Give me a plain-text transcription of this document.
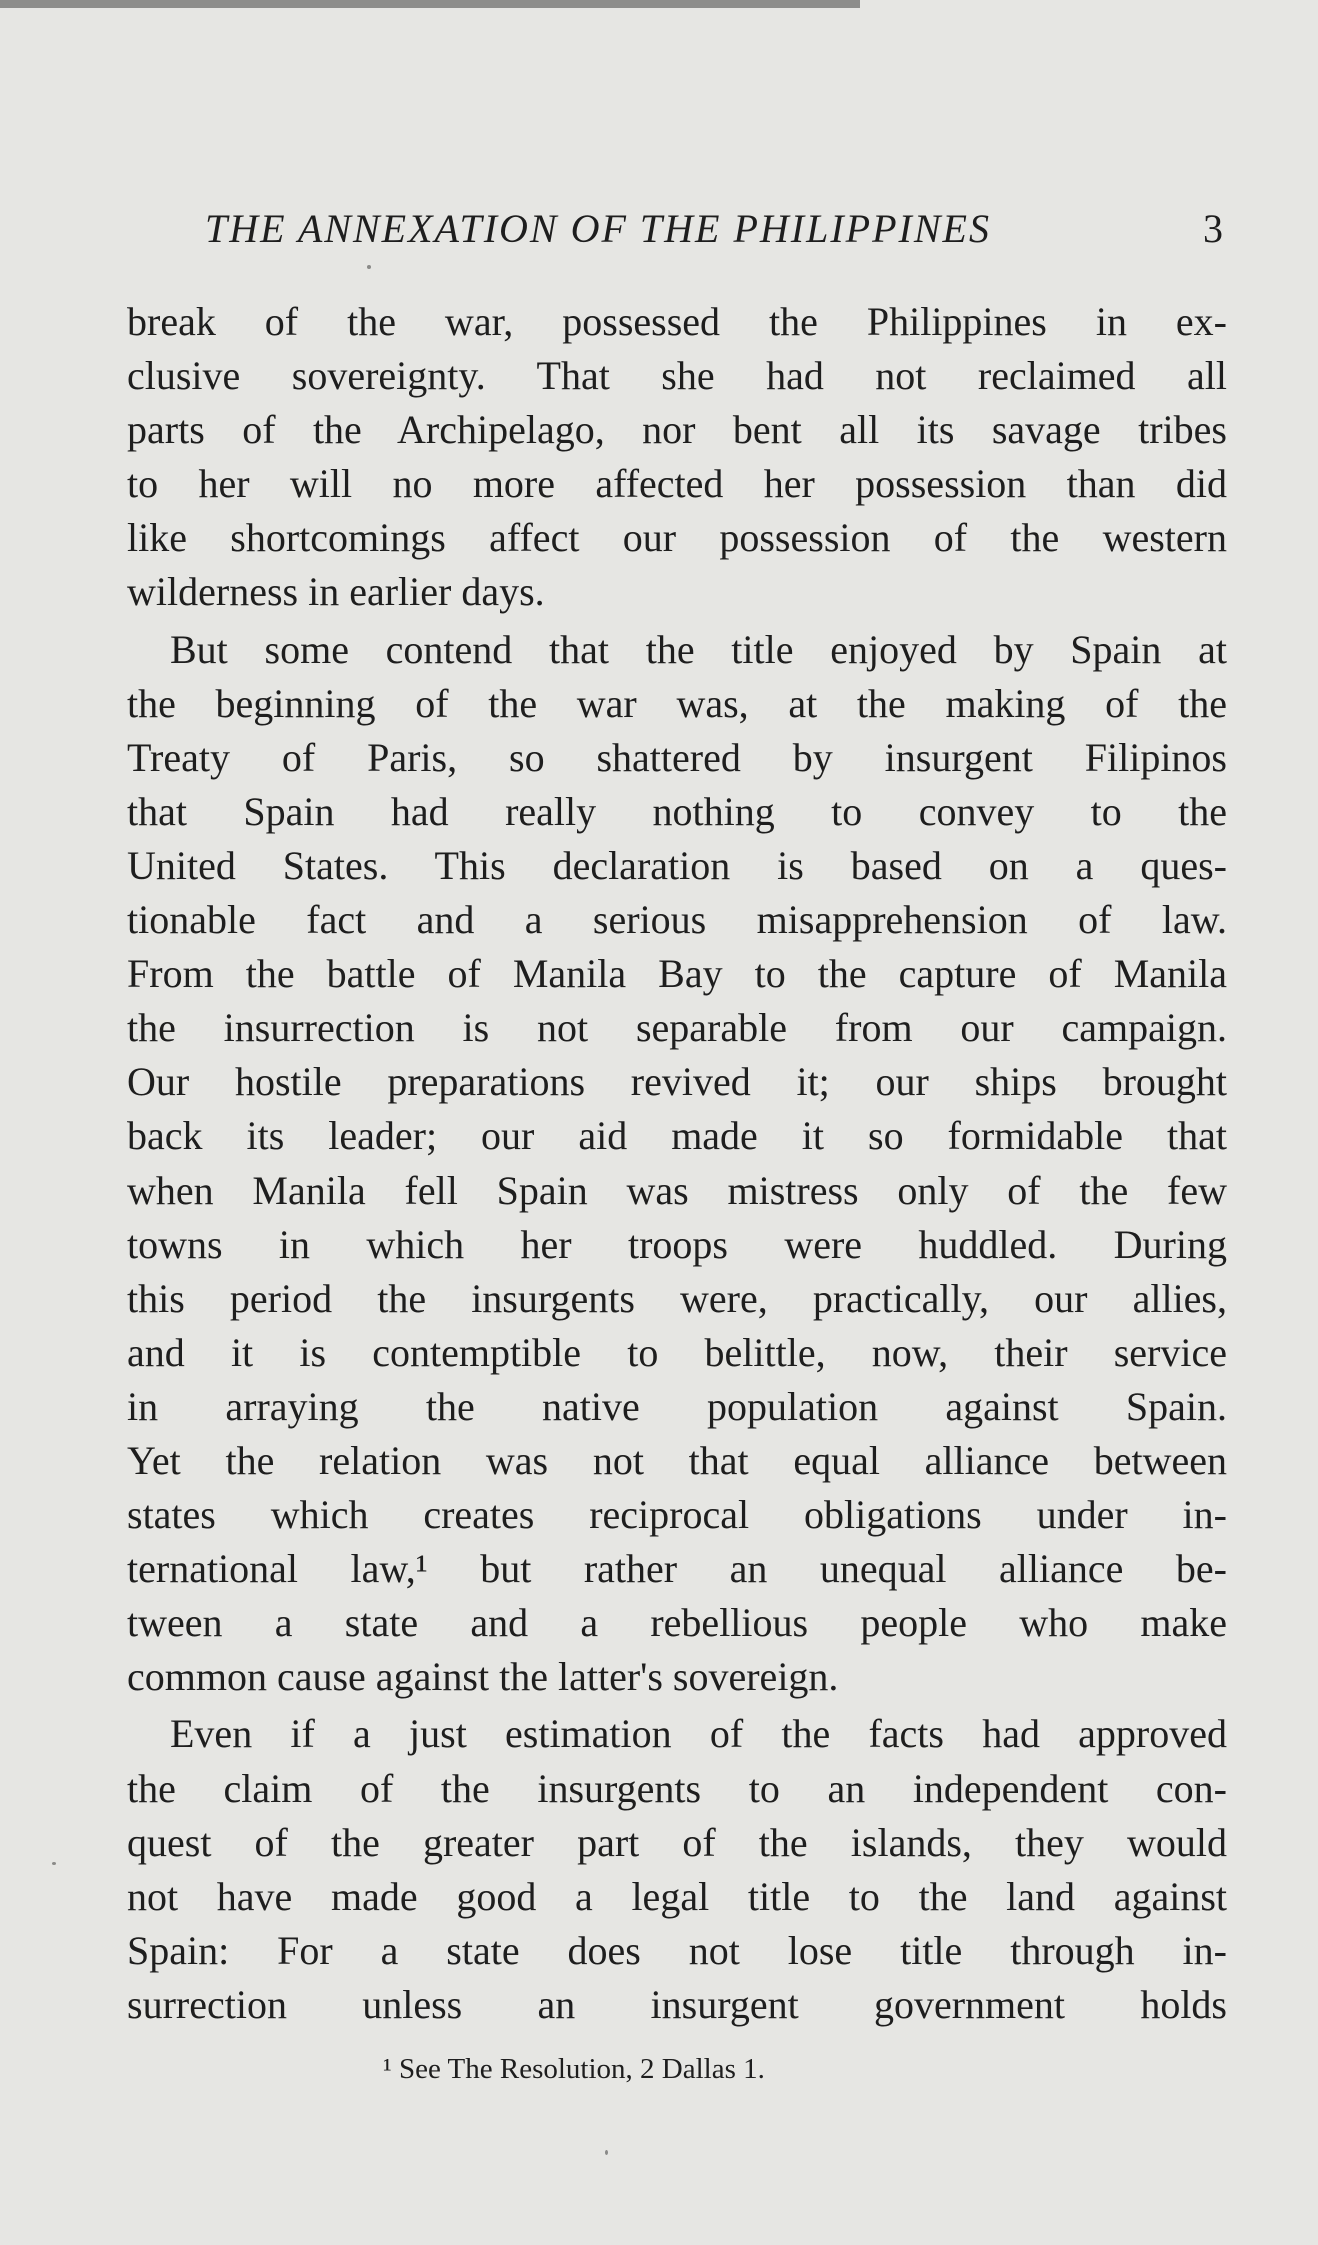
THE ANNEXATION OF THE PHILIPPINES	3
break of the war, possessed the Philippines in ex-
clusive sovereignty. That she had not reclaimed all
parts of the Archipelago, nor bent all its savage tribes
to her will no more affected her possession than did
like shortcomings affect our possession of the western
wilderness in earlier days.
But some contend that the title enjoyed by Spain at
the beginning of the war was, at the making of the
Treaty of Paris, so shattered by insurgent Filipinos
that Spain had really nothing to convey to the
United States. This declaration is based on a ques-
tionable fact and a serious misapprehension of law.
From the battle of Manila Bay to the capture of Manila
the insurrection is not separable from our campaign.
Our hostile preparations revived it; our ships brought
back its leader; our aid made it so formidable that
when Manila fell Spain was mistress only of the few
towns in which her troops were huddled. During
this period the insurgents were, practically, our allies,
and it is contemptible to belittle, now, their service
in arraying the native population against Spain.
Yet the relation was not that equal alliance between
states which creates reciprocal obligations under in-
ternational law,¹ but rather an unequal alliance be-
tween a state and a rebellious people who make
common cause against the latter's sovereign.
Even if a just estimation of the facts had approved
the claim of the insurgents to an independent con-
quest of the greater part of the islands, they would
not have made good a legal title to the land against
Spain: For a state does not lose title through in-
surrection unless an insurgent government holds
¹ See The Resolution, 2 Dallas 1.
